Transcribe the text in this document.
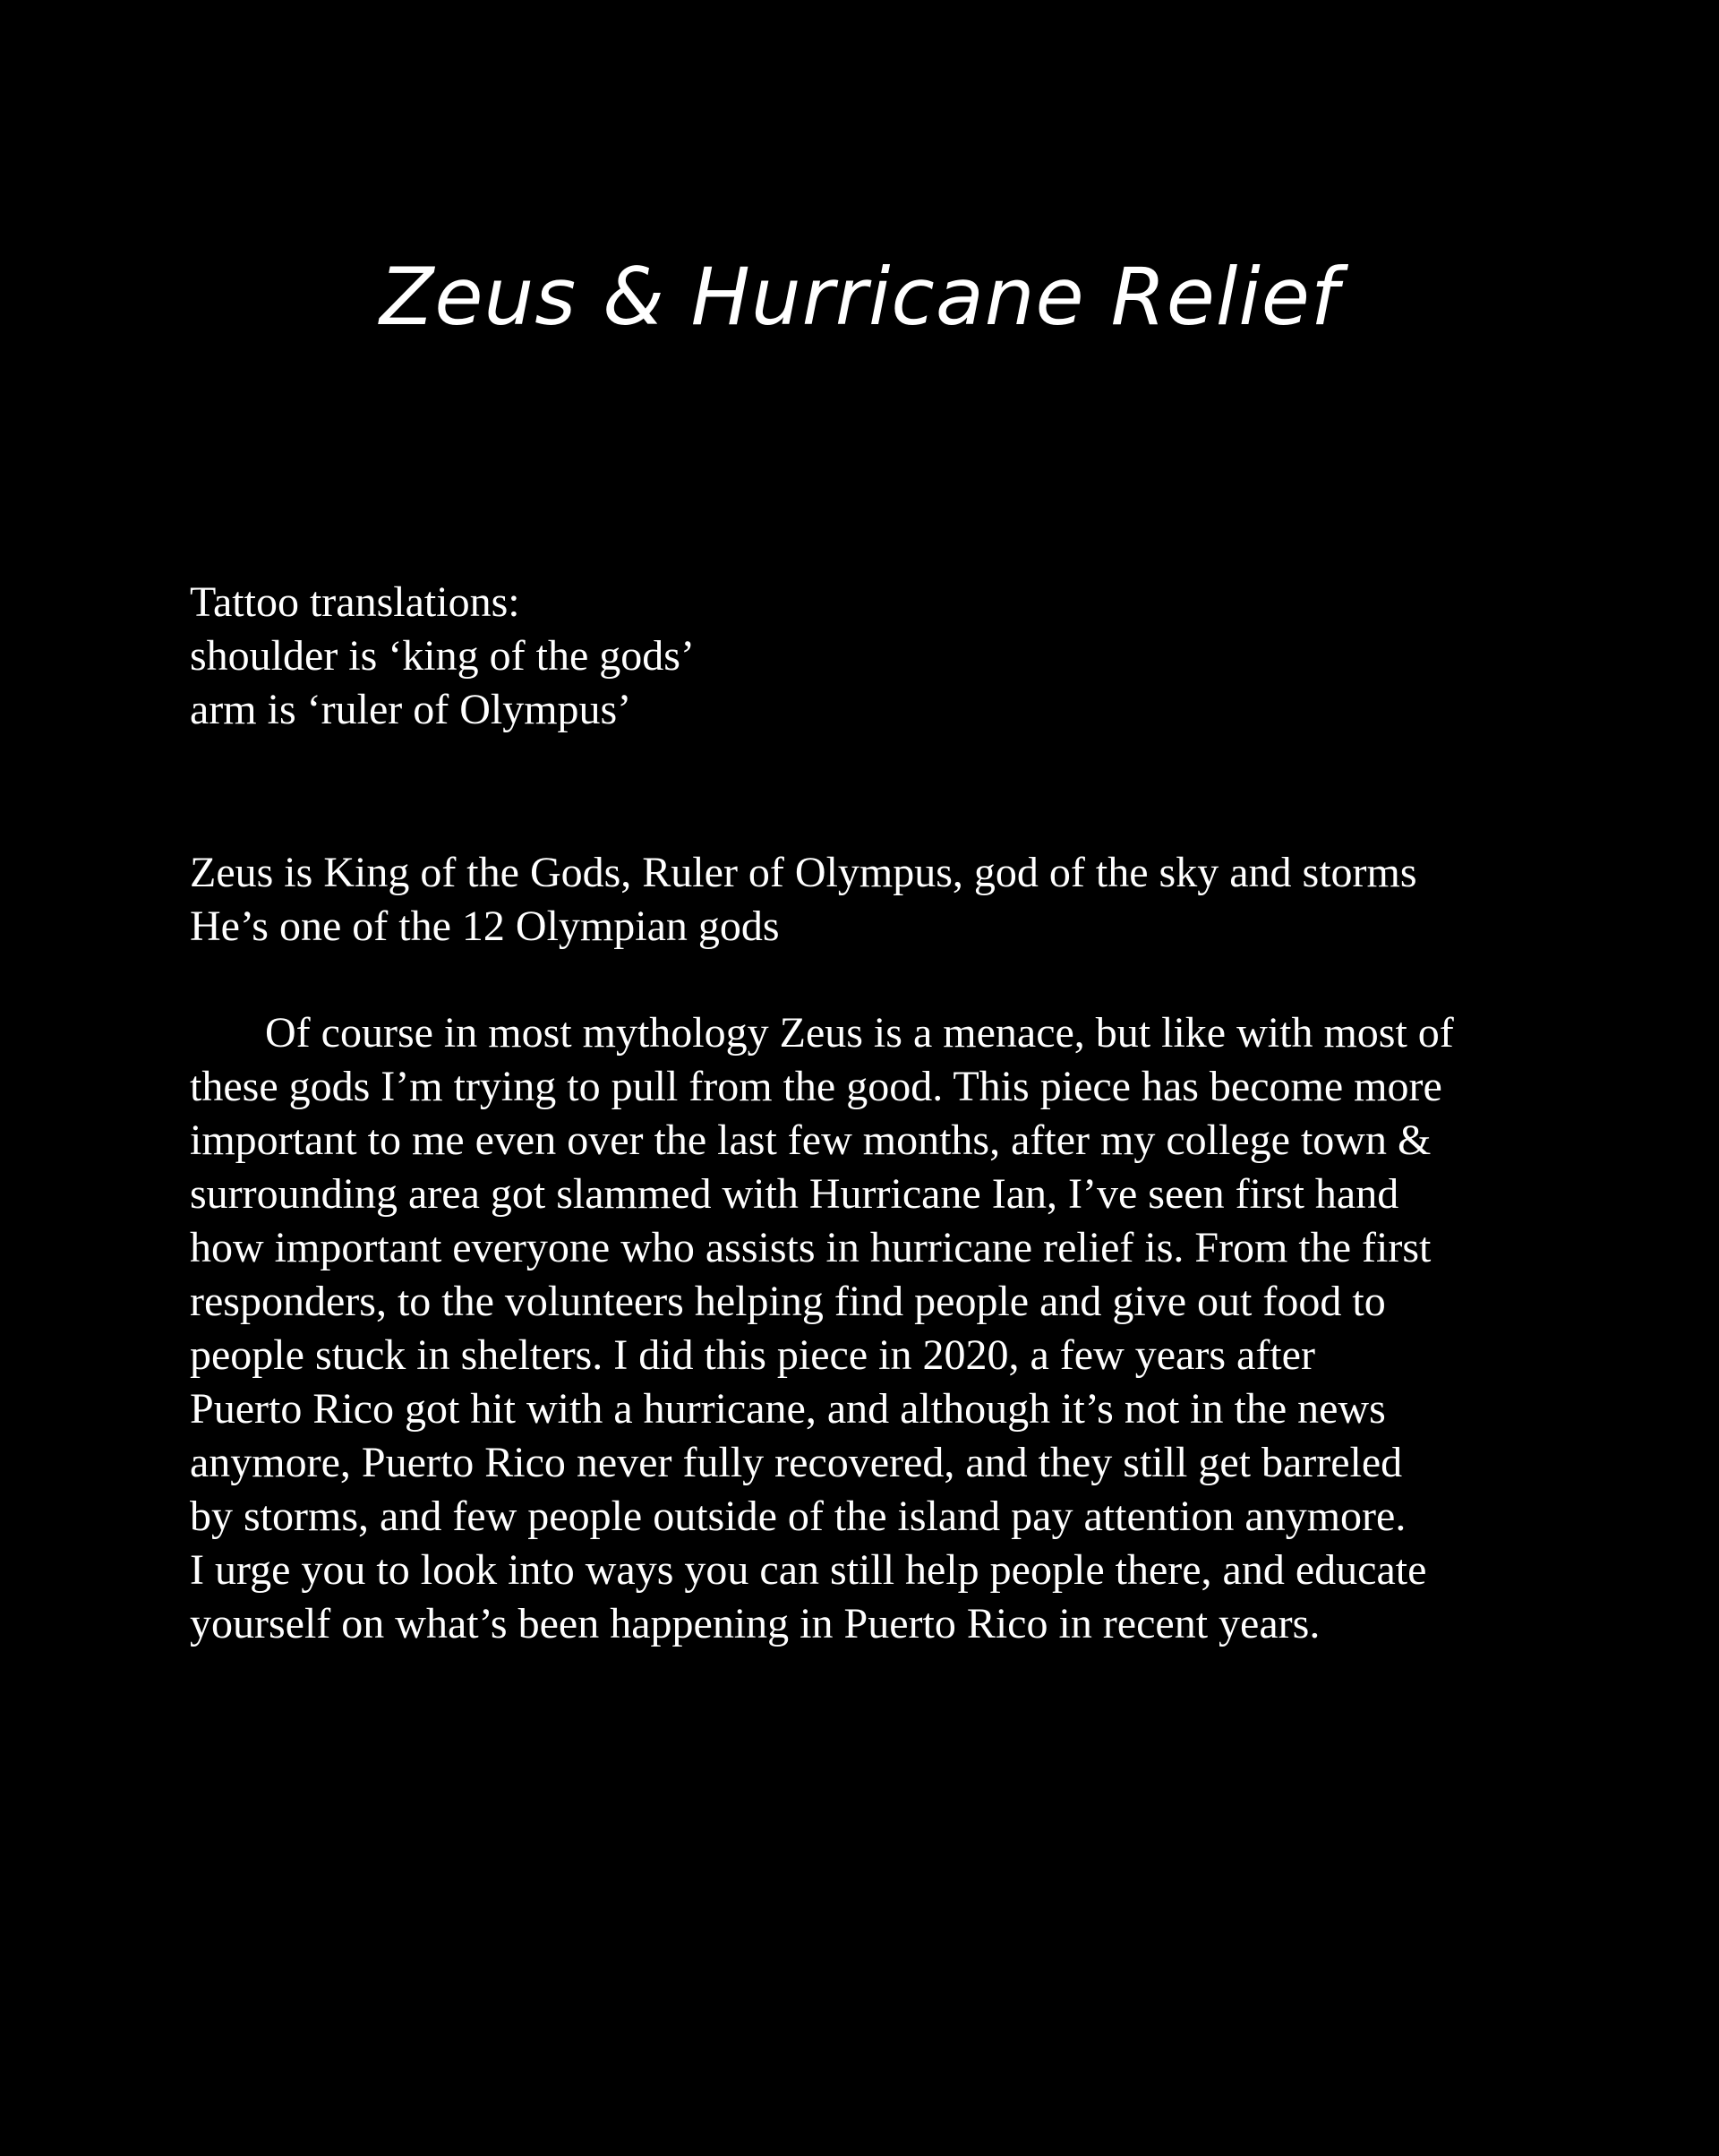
Zeus & Hurricane Relief
Tattoo translations:
shoulder is ‘king of the gods’
arm is ‘ruler of Olympus’
Zeus is King of the Gods, Ruler of Olympus, god of the sky and storms
He’s one of the 12 Olympian gods
Of course in most mythology Zeus is a menace, but like with most of
these gods I’m trying to pull from the good. This piece has become more
important to me even over the last few months, after my college town &
surrounding area got slammed with Hurricane Ian, I’ve seen first hand
how important everyone who assists in hurricane relief is. From the first
responders, to the volunteers helping find people and give out food to
people stuck in shelters. I did this piece in 2020, a few years after
Puerto Rico got hit with a hurricane, and although it’s not in the news
anymore, Puerto Rico never fully recovered, and they still get barreled
by storms, and few people outside of the island pay attention anymore.
I urge you to look into ways you can still help people there, and educate
yourself on what’s been happening in Puerto Rico in recent years.
